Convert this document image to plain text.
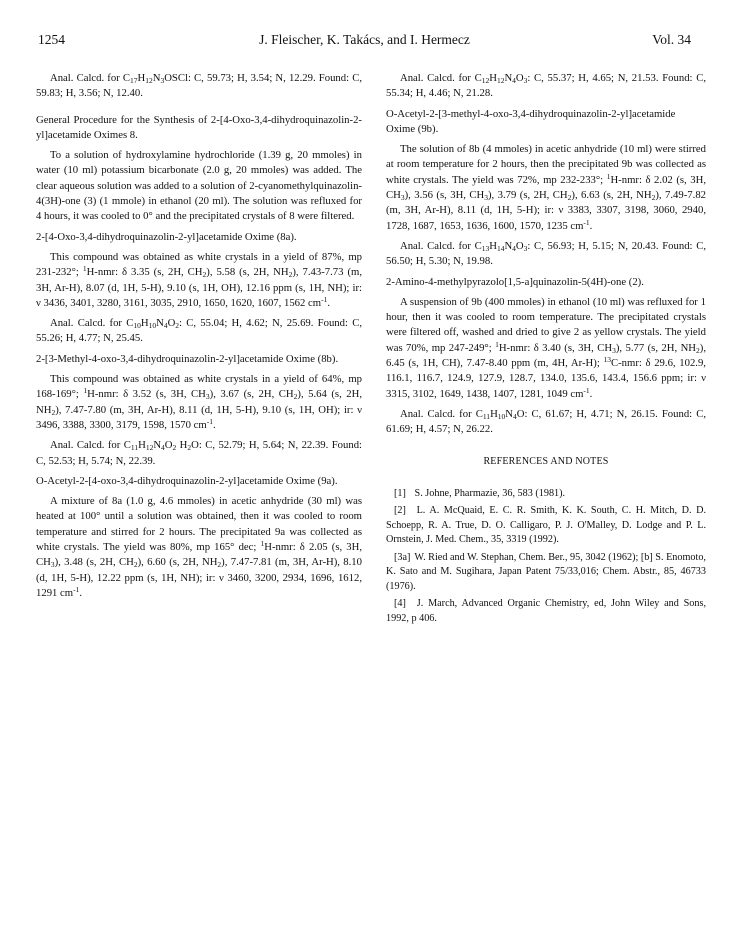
1254	J. Fleischer, K. Takács, and I. Hermecz	Vol. 34

Anal. Calcd. for $C_{17}H_{12}N_3OSCl$: C, 59.73; H, 3.54; N, 12.29. Found: C, 59.83; H, 3.56; N, 12.40.

General Procedure for the Synthesis of 2-[4-Oxo-3,4-dihydroquinazolin-2-yl]acetamide Oximes 8.

To a solution of hydroxylamine hydrochloride (1.39 g, 20 mmoles) in water (10 ml) potassium bicarbonate (2.0 g, 20 mmoles) was added. The clear aqueous solution was added to a solution of 2-cyanomethylquinazolin-4(3H)-one (3) (1 mmole) in ethanol (20 ml). The solution was refluxed for 4 hours, it was cooled to 0° and the precipitated crystals of 8 were filtered.

2-[4-Oxo-3,4-dihydroquinazolin-2-yl]acetamide Oxime (8a).

This compound was obtained as white crystals in a yield of 87%, mp 231-232°; $^1$H-nmr: δ 3.35 (s, 2H, $CH_2$), 5.58 (s, 2H, $NH_2$), 7.43-7.73 (m, 3H, Ar-H), 8.07 (d, 1H, 5-H), 9.10 (s, 1H, OH), 12.16 ppm (s, 1H, NH); ir: ν 3436, 3401, 3280, 3161, 3035, 2910, 1650, 1620, 1607, 1562 $cm^{-1}$.

Anal. Calcd. for $C_{10}H_{10}N_4O_2$: C, 55.04; H, 4.62; N, 25.69. Found: C, 55.26; H, 4.77; N, 25.45.

2-[3-Methyl-4-oxo-3,4-dihydroquinazolin-2-yl]acetamide Oxime (8b).

This compound was obtained as white crystals in a yield of 64%, mp 168-169°; $^1$H-nmr: δ 3.52 (s, 3H, $CH_3$), 3.67 (s, 2H, $CH_2$), 5.64 (s, 2H, $NH_2$), 7.47-7.80 (m, 3H, Ar-H), 8.11 (d, 1H, 5-H), 9.10 (s, 1H, OH); ir: ν 3496, 3388, 3300, 3179, 1598, 1570 $cm^{-1}$.

Anal. Calcd. for $C_{11}H_{12}N_4O_2$ $H_2O$: C, 52.79; H, 5.64; N, 22.39. Found: C, 52.53; H, 5.74; N, 22.39.

O-Acetyl-2-[4-oxo-3,4-dihydroquinazolin-2-yl]acetamide Oxime (9a).

A mixture of 8a (1.0 g, 4.6 mmoles) in acetic anhydride (30 ml) was heated at 100° until a solution was obtained, then it was cooled to room temperature and stirred for 2 hours. The precipitated 9a was collected as white crystals. The yield was 80%, mp 165° dec; $^1$H-nmr: δ 2.05 (s, 3H, $CH_3$), 3.48 (s, 2H, $CH_2$), 6.60 (s, 2H, $NH_2$), 7.47-7.81 (m, 3H, Ar-H), 8.10 (d, 1H, 5-H), 12.22 ppm (s, 1H, NH); ir: ν 3460, 3200, 2934, 1696, 1612, 1291 $cm^{-1}$.

Anal. Calcd. for $C_{12}H_{12}N_4O_3$: C, 55.37; H, 4.65; N, 21.53. Found: C, 55.34; H, 4.46; N, 21.28.

O-Acetyl-2-[3-methyl-4-oxo-3,4-dihydroquinazolin-2-yl]acetamide Oxime (9b).

The solution of 8b (4 mmoles) in acetic anhydride (10 ml) were stirred at room temperature for 2 hours, then the precipitated 9b was collected as white crystals. The yield was 72%, mp 232-233°; $^1$H-nmr: δ 2.02 (s, 3H, $CH_3$), 3.56 (s, 3H, $CH_3$), 3.79 (s, 2H, $CH_2$), 6.63 (s, 2H, $NH_2$), 7.49-7.82 (m, 3H, Ar-H), 8.11 (d, 1H, 5-H); ir: ν 3383, 3307, 3198, 3060, 2940, 1728, 1687, 1653, 1636, 1600, 1570, 1235 $cm^{-1}$.

Anal. Calcd. for $C_{13}H_{14}N_4O_3$: C, 56.93; H, 5.15; N, 20.43. Found: C, 56.50; H, 5.30; N, 19.98.

2-Amino-4-methylpyrazolo[1,5-a]quinazolin-5(4H)-one (2).

A suspension of 9b (400 mmoles) in ethanol (10 ml) was refluxed for 1 hour, then it was cooled to room temperature. The precipitated crystals were filtered off, washed and dried to give 2 as yellow crystals. The yield was 70%, mp 247-249°; $^1$H-nmr: δ 3.40 (s, 3H, $CH_3$), 5.77 (s, 2H, $NH_2$), 6.45 (s, 1H, CH), 7.47-8.40 ppm (m, 4H, Ar-H); $^{13}$C-nmr: δ 29.6, 102.9, 116.1, 116.7, 124.9, 127.9, 128.7, 134.0, 135.6, 143.4, 156.6 ppm; ir: ν 3315, 3102, 1649, 1438, 1407, 1281, 1049 $cm^{-1}$.

Anal. Calcd. for $C_{11}H_{10}N_4O$: C, 61.67; H, 4.71; N, 26.15. Found: C, 61.69; H, 4.57; N, 26.22.

REFERENCES AND NOTES

[1] S. Johne, Pharmazie, 36, 583 (1981).

[2] L. A. McQuaid, E. C. R. Smith, K. K. South, C. H. Mitch, D. D. Schoepp, R. A. True, D. O. Calligaro, P. J. O'Malley, D. Lodge and P. L. Ornstein, J. Med. Chem., 35, 3319 (1992).

[3a] W. Ried and W. Stephan, Chem. Ber., 95, 3042 (1962); [b] S. Enomoto, K. Sato and M. Sugihara, Japan Patent 75/33,016; Chem. Abstr., 85, 46733 (1976).

[4] J. March, Advanced Organic Chemistry, ed, John Wiley and Sons, 1992, p 406.
